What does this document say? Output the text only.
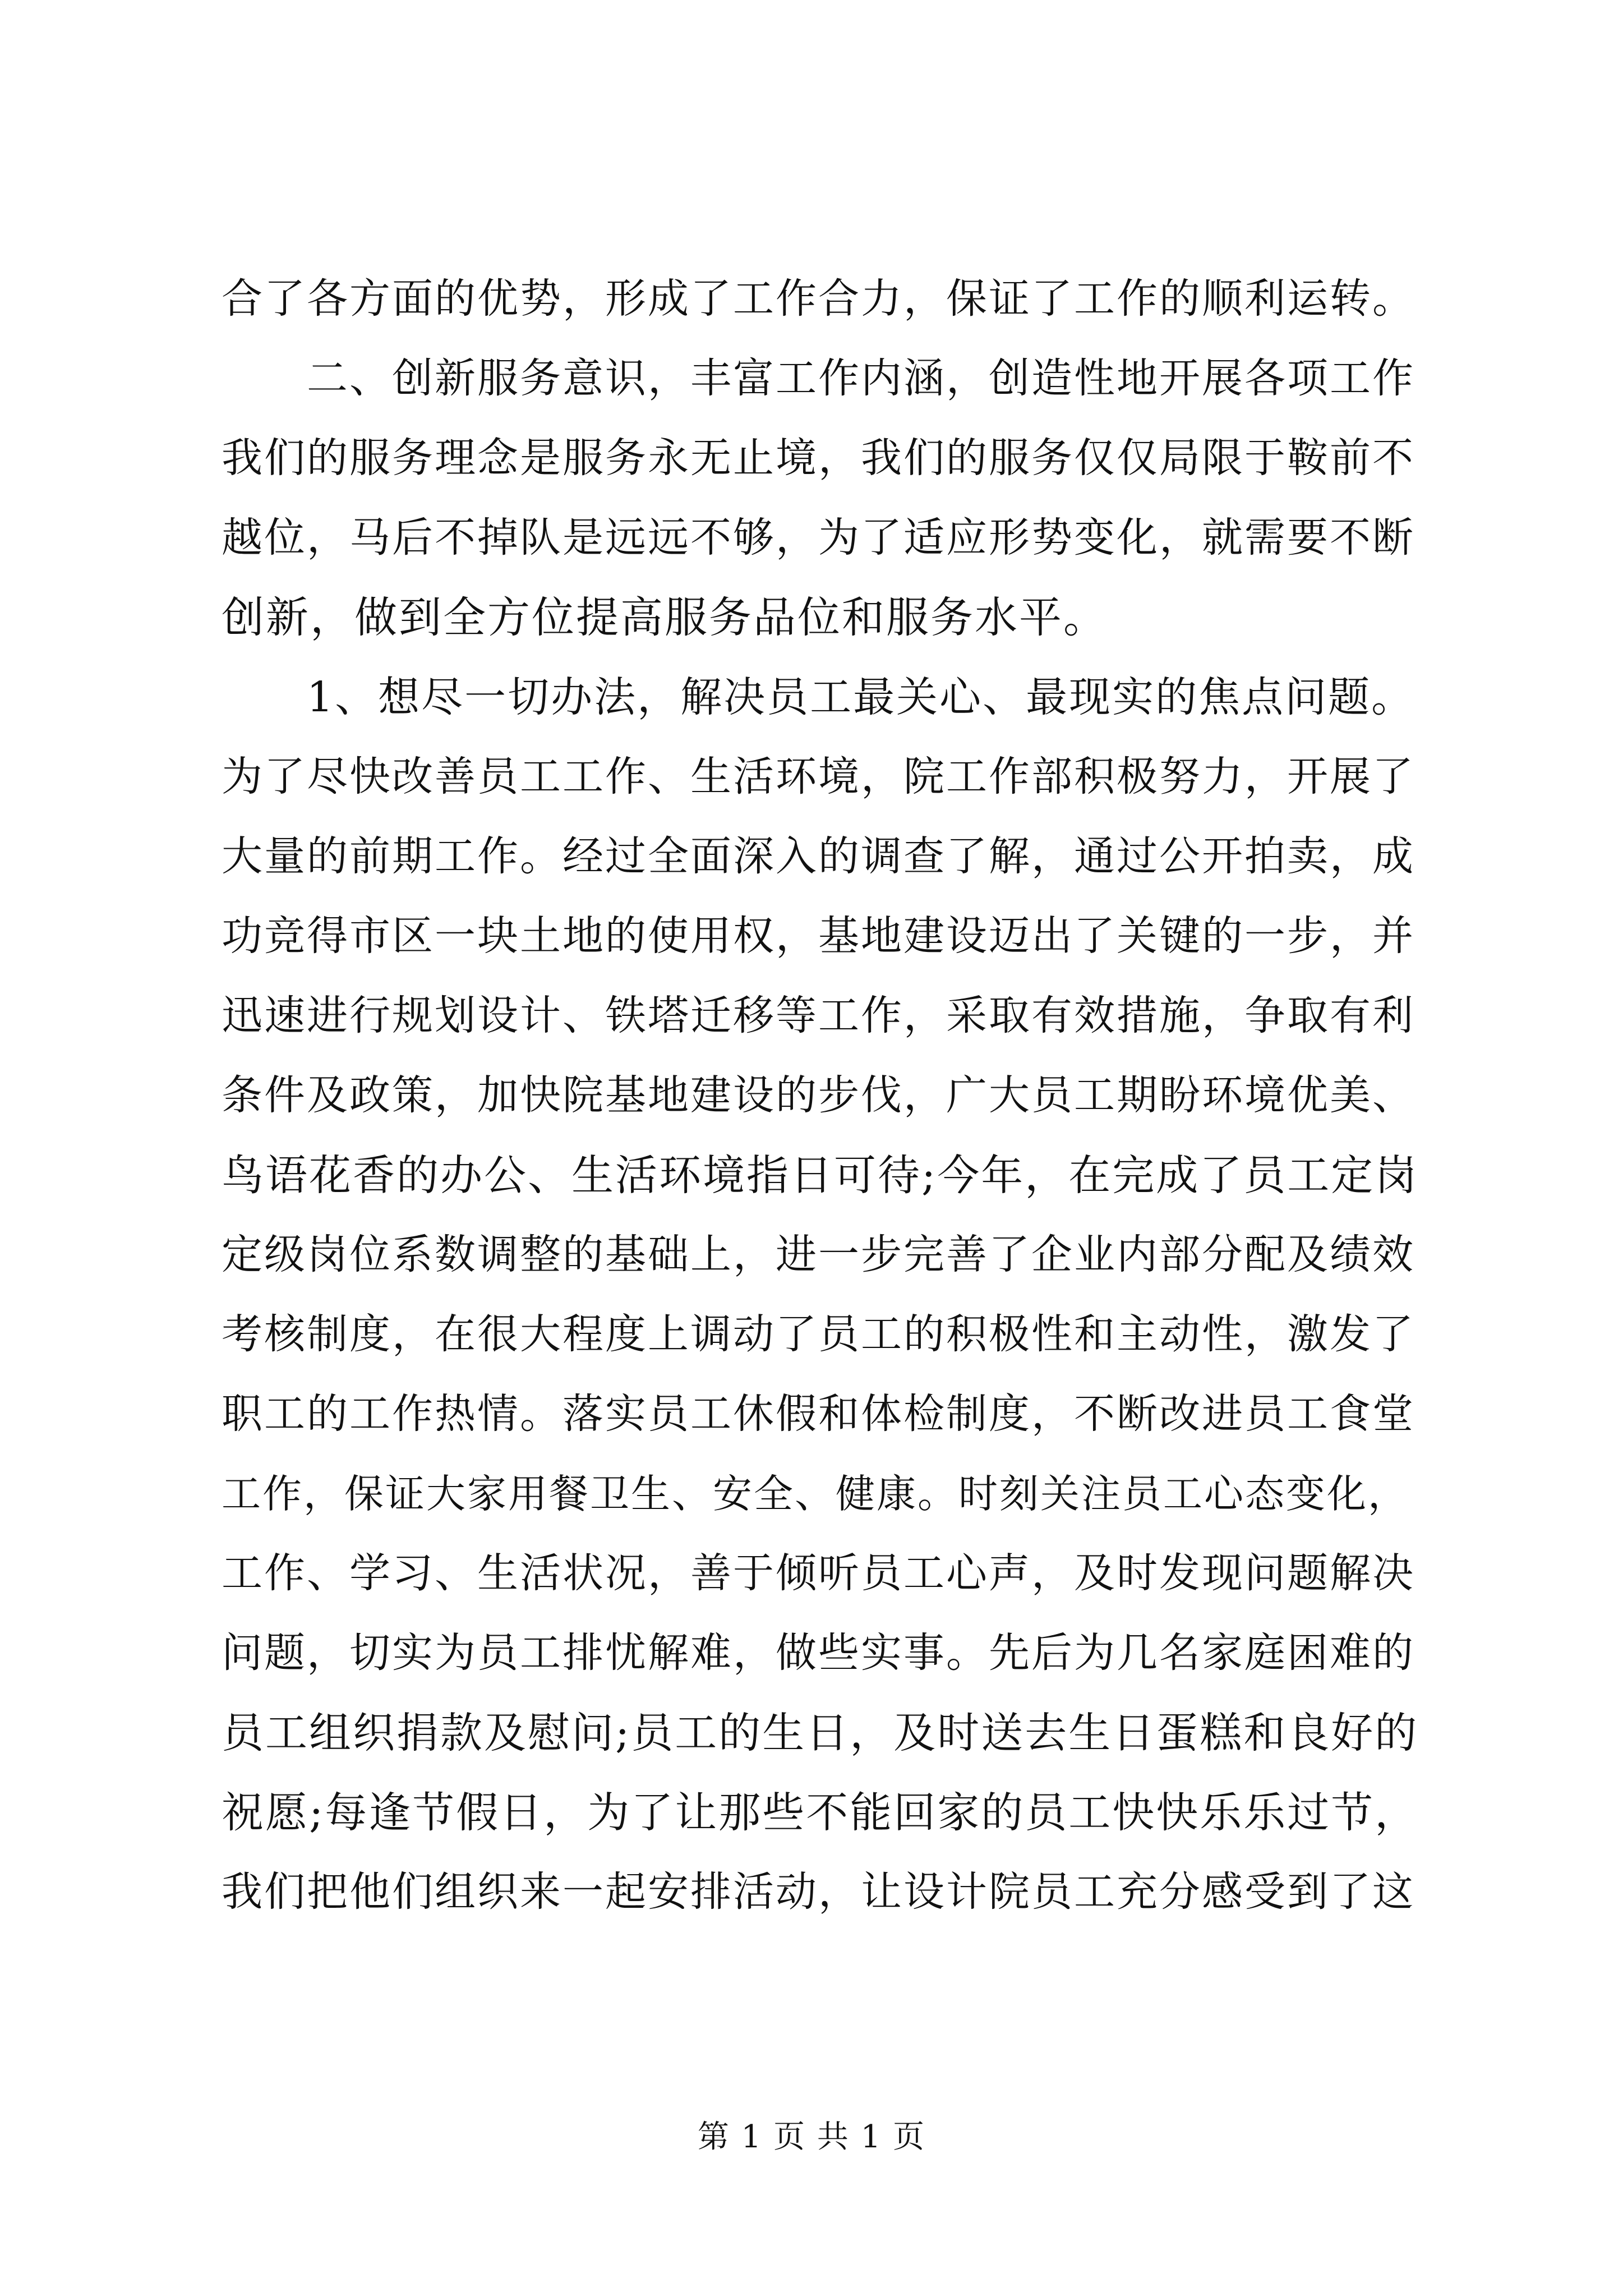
合了各方面的优势，形成了工作合力，保证了工作的顺利运转。
二、创新服务意识，丰富工作内涵，创造性地开展各项工作
我们的服务理念是服务永无止境，我们的服务仅仅局限于鞍前不
越位，马后不掉队是远远不够，为了适应形势变化，就需要不断
创新，做到全方位提高服务品位和服务水平。
1、想尽一切办法，解决员工最关心、最现实的焦点问题。
为了尽快改善员工工作、生活环境，院工作部积极努力，开展了
大量的前期工作。经过全面深入的调查了解，通过公开拍卖，成
功竞得市区一块土地的使用权，基地建设迈出了关键的一步，并
迅速进行规划设计、铁塔迁移等工作，采取有效措施，争取有利
条件及政策，加快院基地建设的步伐，广大员工期盼环境优美、
鸟语花香的办公、生活环境指日可待;今年，在完成了员工定岗
定级岗位系数调整的基础上，进一步完善了企业内部分配及绩效
考核制度，在很大程度上调动了员工的积极性和主动性，激发了
职工的工作热情。落实员工休假和体检制度，不断改进员工食堂
工作，保证大家用餐卫生、安全、健康。时刻关注员工心态变化，
工作、学习、生活状况，善于倾听员工心声，及时发现问题解决
问题，切实为员工排忧解难，做些实事。先后为几名家庭困难的
员工组织捐款及慰问;员工的生日，及时送去生日蛋糕和良好的
祝愿;每逢节假日，为了让那些不能回家的员工快快乐乐过节，
我们把他们组织来一起安排活动，让设计院员工充分感受到了这
第 1 页 共 1 页
